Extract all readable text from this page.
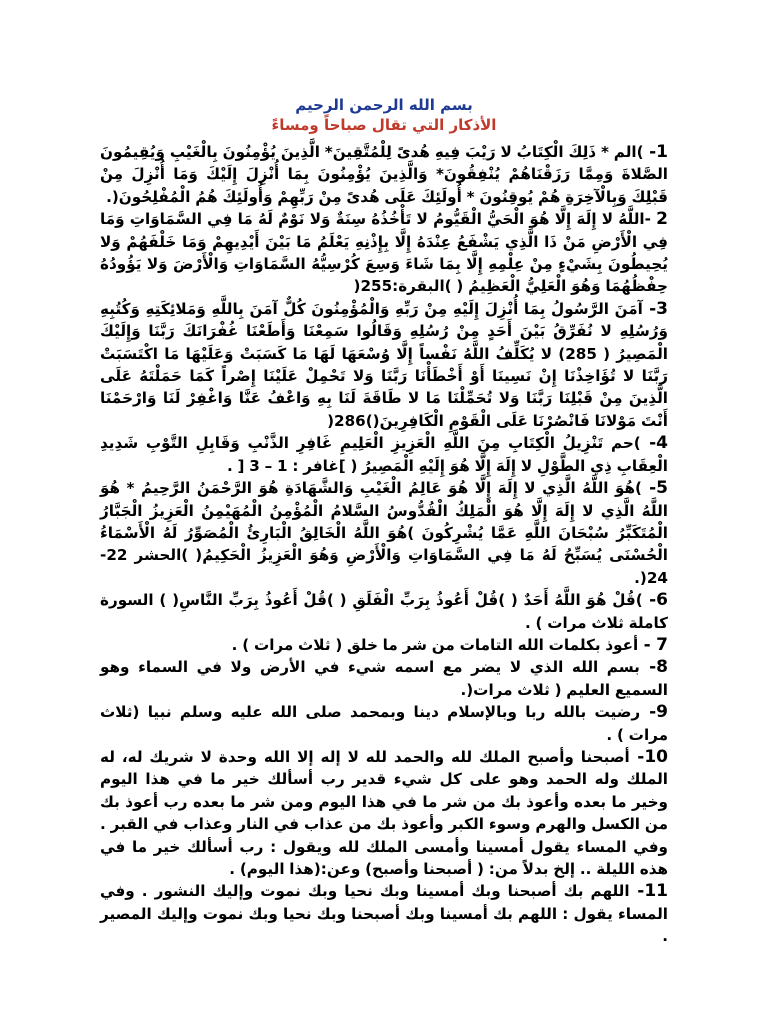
بسم الله الرحمن الرحيم

الأذكار التي تقال صباحاً ومساءً

1- )الم * ذَلِكَ الْكِتَابُ لا رَيْبَ فِيهِ هُدىً لِلْمُتَّقِينَ* الَّذِينَ يُؤْمِنُونَ بِالْغَيْبِ وَيُقِيمُونَ الصَّلاةَ وَمِمَّا رَزَقْنَاهُمْ يُنْفِقُونَ* وَالَّذِينَ يُؤْمِنُونَ بِمَا أُنْزِلَ إِلَيْكَ وَمَا أُنْزِلَ مِنْ قَبْلِكَ وَبِالْآخِرَةِ هُمْ يُوقِنُونَ * أُولَئِكَ عَلَى هُدىً مِنْ رَبِّهِمْ وَأُولَئِكَ هُمُ الْمُفْلِحُونَ(.

2 -اللَّهُ لا إِلَهَ إِلَّا هُوَ الْحَيُّ الْقَيُّومُ لا تَأْخُذُهُ سِنَةٌ وَلا نَوْمٌ لَهُ مَا فِي السَّمَاوَاتِ وَمَا فِي الْأَرْضِ مَنْ ذَا الَّذِي يَشْفَعُ عِنْدَهُ إِلَّا بِإِذْنِهِ يَعْلَمُ مَا بَيْنَ أَيْدِيهِمْ وَمَا خَلْفَهُمْ وَلا يُحِيطُونَ بِشَيْءٍ مِنْ عِلْمِهِ إِلَّا بِمَا شَاءَ وَسِعَ كُرْسِيُّهُ السَّمَاوَاتِ وَالْأَرْضَ وَلا يَؤُودُهُ حِفْظُهُمَا وَهُوَ الْعَلِيُّ الْعَظِيمُ ( )البقرة:255(

3- آمَنَ الرَّسُولُ بِمَا أُنْزِلَ إِلَيْهِ مِنْ رَبِّهِ وَالْمُؤْمِنُونَ كُلٌّ آمَنَ بِاللَّهِ وَمَلائِكَتِهِ وَكُتُبِهِ وَرُسُلِهِ لا نُفَرِّقُ بَيْنَ أَحَدٍ مِنْ رُسُلِهِ وَقَالُوا سَمِعْنَا وَأَطَعْنَا غُفْرَانَكَ رَبَّنَا وَإِلَيْكَ الْمَصِيرُ ( 285) لا يُكَلِّفُ اللَّهُ نَفْساً إِلَّا وُسْعَهَا لَهَا مَا كَسَبَتْ وَعَلَيْهَا مَا اكْتَسَبَتْ رَبَّنَا لا تُؤَاخِذْنَا إِنْ نَسِينَا أَوْ أَخْطَأْنَا رَبَّنَا وَلا تَحْمِلْ عَلَيْنَا إِصْراً كَمَا حَمَلْتَهُ عَلَى الَّذِينَ مِنْ قَبْلِنَا رَبَّنَا وَلا تُحَمِّلْنَا مَا لا طَاقَةَ لَنَا بِهِ وَاعْفُ عَنَّا وَاغْفِرْ لَنَا وَارْحَمْنَا أَنْتَ مَوْلانَا فَانْصُرْنَا عَلَى الْقَوْمِ الْكَافِرِينَ()286(

4- )حم تَنْزِيلُ الْكِتَابِ مِنَ اللَّهِ الْعَزِيزِ الْعَلِيمِ غَافِرِ الذَّنْبِ وَقَابِلِ التَّوْبِ شَدِيدِ الْعِقَابِ ذِي الطَّوْلِ لا إِلَهَ إِلَّا هُوَ إِلَيْهِ الْمَصِيرُ ( ]غافر : 1 – 3 [ .

5- )هُوَ اللَّهُ الَّذِي لا إِلَهَ إِلَّا هُوَ عَالِمُ الْغَيْبِ وَالشَّهَادَةِ هُوَ الرَّحْمَنُ الرَّحِيمُ * هُوَ اللَّهُ الَّذِي لا إِلَهَ إِلَّا هُوَ الْمَلِكُ الْقُدُّوسُ السَّلامُ الْمُؤْمِنُ الْمُهَيْمِنُ الْعَزِيزُ الْجَبَّارُ الْمُتَكَبِّرُ سُبْحَانَ اللَّهِ عَمَّا يُشْرِكُونَ )هُوَ اللَّهُ الْخَالِقُ الْبَارِئُ الْمُصَوِّرُ لَهُ الْأَسْمَاءُ الْحُسْنَى يُسَبِّحُ لَهُ مَا فِي السَّمَاوَاتِ وَالْأَرْضِ وَهُوَ الْعَزِيزُ الْحَكِيمُ( )الحشر 22-24(.

6- )قُلْ هُوَ اللَّهُ أَحَدٌ ( )قُلْ أَعُوذُ بِرَبِّ الْفَلَقِ ( )قُلْ أَعُوذُ بِرَبِّ النَّاسِ( ) السورة كاملة ثلاث مرات ) .

7 - أعوذ بكلمات الله التامات من شر ما خلق ( ثلاث مرات ) .

8- بسم الله الذي لا يضر مع اسمه شيء في الأرض ولا في السماء وهو السميع العليم ( ثلاث مرات(.

9- رضيت بالله ربا وبالإسلام دينا وبمحمد صلى الله عليه وسلم نبيا (ثلاث مرات ) .

10- أصبحنا وأصبح الملك لله والحمد لله لا إله إلا الله وحدة لا شريك له، له الملك وله الحمد وهو على كل شيء قدير رب أسألك خير ما في هذا اليوم وخير ما بعده وأعوذ بك من شر ما في هذا اليوم ومن شر ما بعده رب أعوذ بك من الكسل والهرم وسوء الكبر وأعوذ بك من عذاب في النار وعذاب في القبر . وفي المساء يقول أمسينا وأمسى الملك لله ويقول : رب أسألك خير ما في هذه الليلة .. إلخ بدلاً من: ( أصبحنا وأصبح) وعن:(هذا اليوم) .

11- اللهم بك أصبحنا وبك أمسينا وبك نحيا وبك نموت وإليك النشور . وفي المساء يقول : اللهم بك أمسينا وبك أصبحنا وبك نحيا وبك نموت وإليك المصير .
